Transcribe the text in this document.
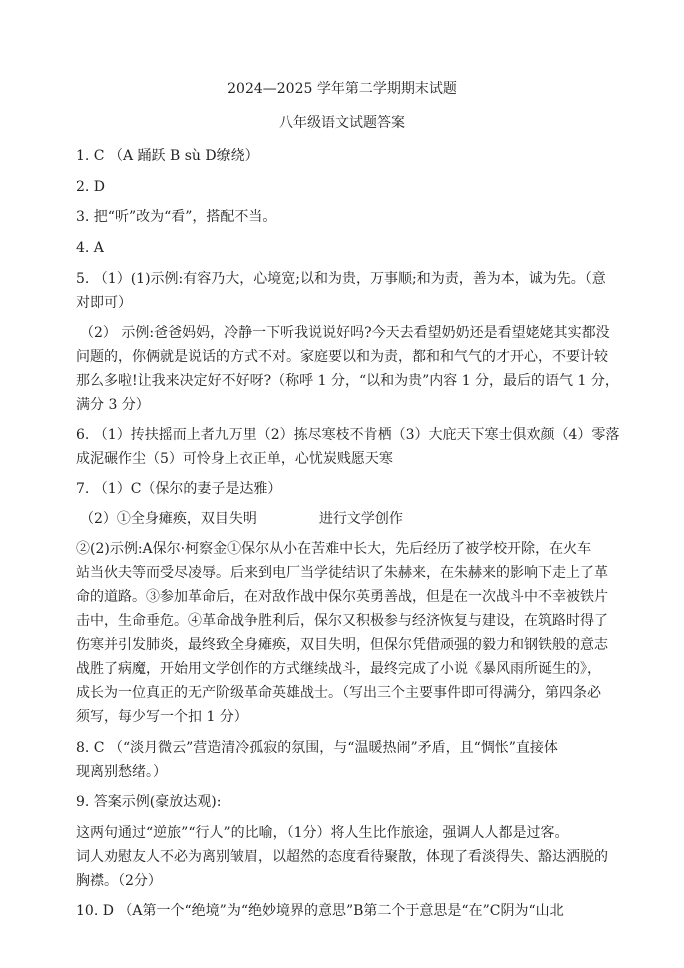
2024—2025 学年第二学期期末试题
八年级语文试题答案
1. C （A 踊跃 B sù D缭绕）
2. D
3. 把“听”改为“看”，搭配不当。
4. A
5. （1）(1)示例:有容乃大，心境宽;以和为贵，万事顺;和为责，善为本，诚为先。（意
对即可）
（2） 示例:爸爸妈妈，冷静一下听我说说好吗?今天去看望奶奶还是看望姥姥其实都没
问题的，你俩就是说话的方式不对。家庭要以和为责，都和和气气的才开心，不要计较
那么多啦!让我来决定好不好呀?（称呼 1 分，“以和为贵”内容 1 分，最后的语气 1 分，
满分 3 分）
6. （1）抟扶摇而上者九万里（2）拣尽寒枝不肯栖（3）大庇天下寒士俱欢颜（4）零落
成泥碾作尘（5）可怜身上衣正单，心忧炭贱愿天寒
7. （1）C（保尔的妻子是达雅）
（2）①全身瘫痪，双目失明	进行文学创作
②(2)示例:A保尔·柯察金①保尔从小在苦难中长大，先后经历了被学校开除，在火车
站当伙夫等而受尽凌辱。后来到电厂当学徒结识了朱赫来，在朱赫来的影响下走上了革
命的道路。③参加革命后，在对敌作战中保尔英勇善战，但是在一次战斗中不幸被铁片
击中，生命垂危。④革命战争胜利后，保尔又积极参与经济恢复与建设，在筑路时得了
伤寒并引发肺炎，最终致全身瘫痪，双目失明，但保尔凭借顽强的毅力和钢铁般的意志
战胜了病魔，开始用文学创作的方式继续战斗，最终完成了小说《暴风雨所诞生的》，
成长为一位真正的无产阶级革命英雄战士。（写出三个主要事件即可得满分，第四条必
须写，每少写一个扣 1 分）
8. C （“淡月微云”营造清冷孤寂的氛围，与“温暖热闹”矛盾，且“惆怅”直接体
现离别愁绪。）
9. 答案示例(豪放达观):
这两句通过“逆旅”“行人”的比喻，（1分）将人生比作旅途，强调人人都是过客。
词人劝慰友人不必为离别皱眉，以超然的态度看待聚散，体现了看淡得失、豁达洒脱的
胸襟。（2分）
10. D （A第一个“绝境”为“绝妙境界的意思”B第二个于意思是“在”C阴为“山北
